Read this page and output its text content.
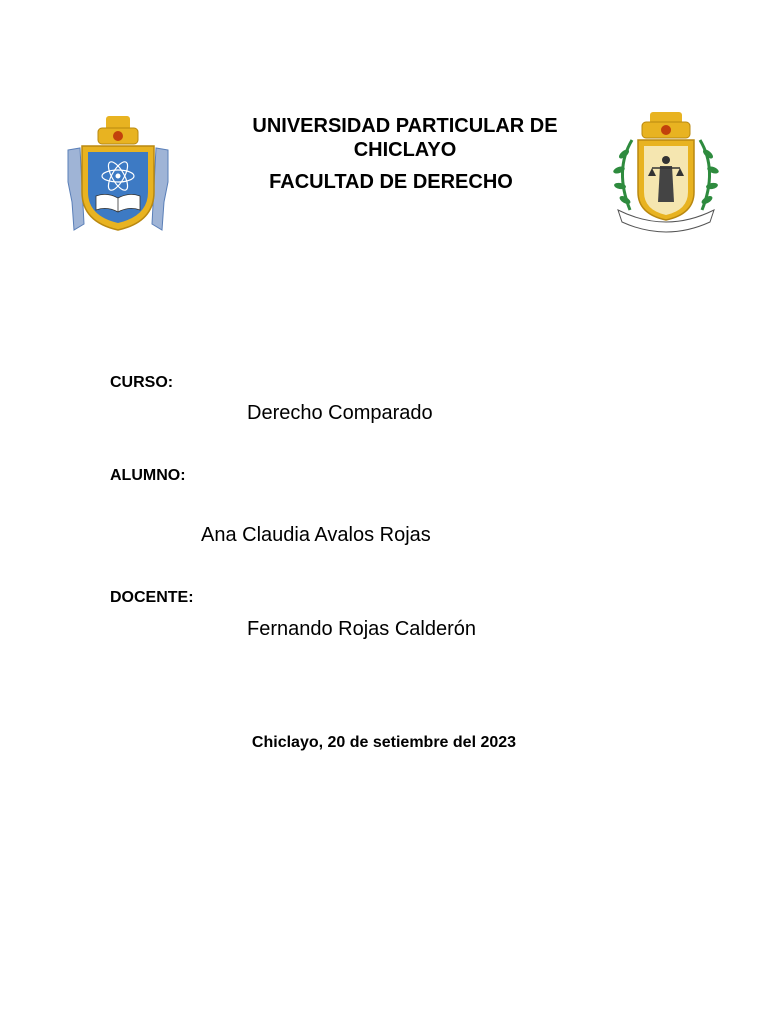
UNIVERSIDAD PARTICULAR DE
CHICLAYO
FACULTAD DE DERECHO
CURSO:
Derecho Comparado
ALUMNO:
Ana Claudia Avalos Rojas
DOCENTE:
Fernando Rojas Calderón
Chiclayo, 20 de setiembre del 2023
